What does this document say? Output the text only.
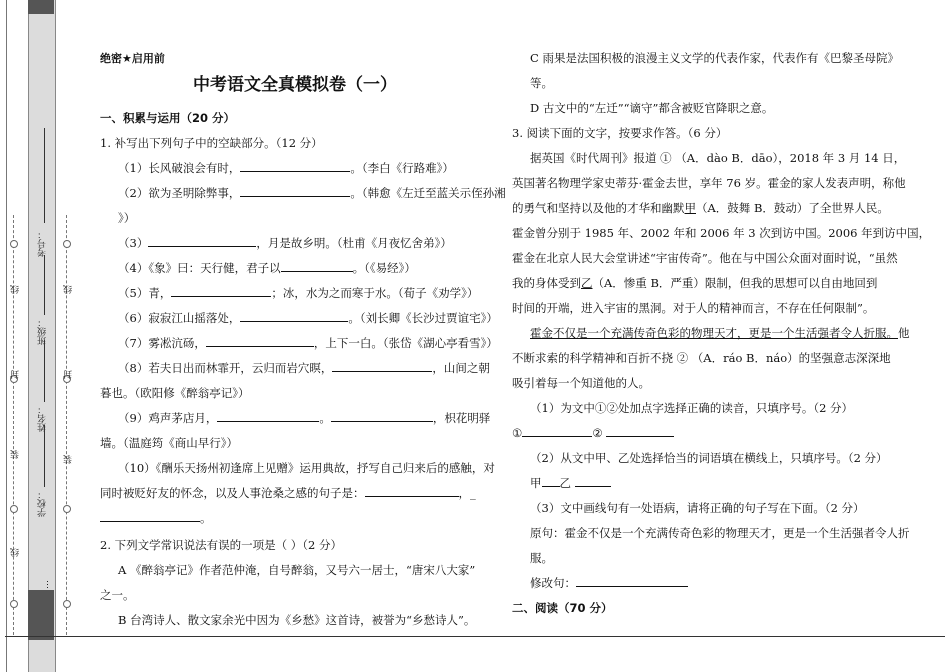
线
封
装
线
线
封
装
⋯
考号：
班级：
姓名：
学校：

绝密★启用前

中考语文全真模拟卷（一）

一、积累与运用（20 分）

1. 补写出下列句子中的空缺部分。（12 分）

（1）长风破浪会有时，	。（李白《行路难》）

（2）欲为圣明除弊事，	。（韩愈《左迁至蓝关示侄孙湘

》）

（3）	，月是故乡明。（杜甫《月夜忆舍弟》）

（4）《象》曰：天行健，君子以	。（《易经》）

（5）青，	；冰，水为之而寒于水。（荀子《劝学》）

（6）寂寂江山摇落处，	。（刘长卿《长沙过贾谊宅》）

（7）雾凇沆砀，	，上下一白。（张岱《湖心亭看雪》）

（8）若夫日出而林霏开，云归而岩穴暝，	，山间之朝

暮也。（欧阳修《醉翁亭记》）

（9）鸡声茅店月，	。	，枳花明驿

墙。（温庭筠《商山早行》）

（10）《酬乐天扬州初逢席上见赠》运用典故，抒写自己归来后的感触，对

同时被贬好友的怀念，以及人事沧桑之感的句子是：	，_

。

2. 下列文学常识说法有误的一项是（ ）（2 分）

A 《醉翁亭记》作者范仲淹，自号醉翁，又号六一居士，“唐宋八大家”

之一。

B 台湾诗人、散文家余光中因为《乡愁》这首诗，被誉为“乡愁诗人”。

C 雨果是法国积极的浪漫主义文学的代表作家，代表作有《巴黎圣母院》

等。

D 古文中的“左迁”“谪守”都含被贬官降职之意。

3. 阅读下面的文字，按要求作答。（6 分）

据英国《时代周刊》报道 ① （A．dào B．dāo），2018 年 3 月 14 日，

英国著名物理学家史蒂芬·霍金去世，享年 76 岁。霍金的家人发表声明，称他

的勇气和坚持以及他的才华和幽默甲（A．鼓舞 B．鼓动）了全世界人民。

霍金曾分别于 1985 年、2002 年和 2006 年 3 次到访中国。2006 年到访中国，

霍金在北京人民大会堂讲述“宇宙传奇”。他在与中国公众面对面时说，“虽然

我的身体受到乙（A．惨重 B．严重）限制，但我的思想可以自由地回到

时间的开端，进入宇宙的黑洞。对于人的精神而言，不存在任何限制”。

霍金不仅是一个充满传奇色彩的物理天才，更是一个生活强者令人折服。他

不断求索的科学精神和百折不挠 ② （A．ráo B．náo）的坚强意志深深地

吸引着每一个知道他的人。

（1）为文中①②处加点字选择正确的读音，只填序号。（2 分）

①	②

（2）从文中甲、乙处选择恰当的词语填在横线上，只填序号。（2 分）

甲 乙

（3）文中画线句有一处语病，请将正确的句子写在下面。（2 分）

原句：霍金不仅是一个充满传奇色彩的物理天才，更是一个生活强者令人折

服。

修改句：

二、阅读（70 分）
